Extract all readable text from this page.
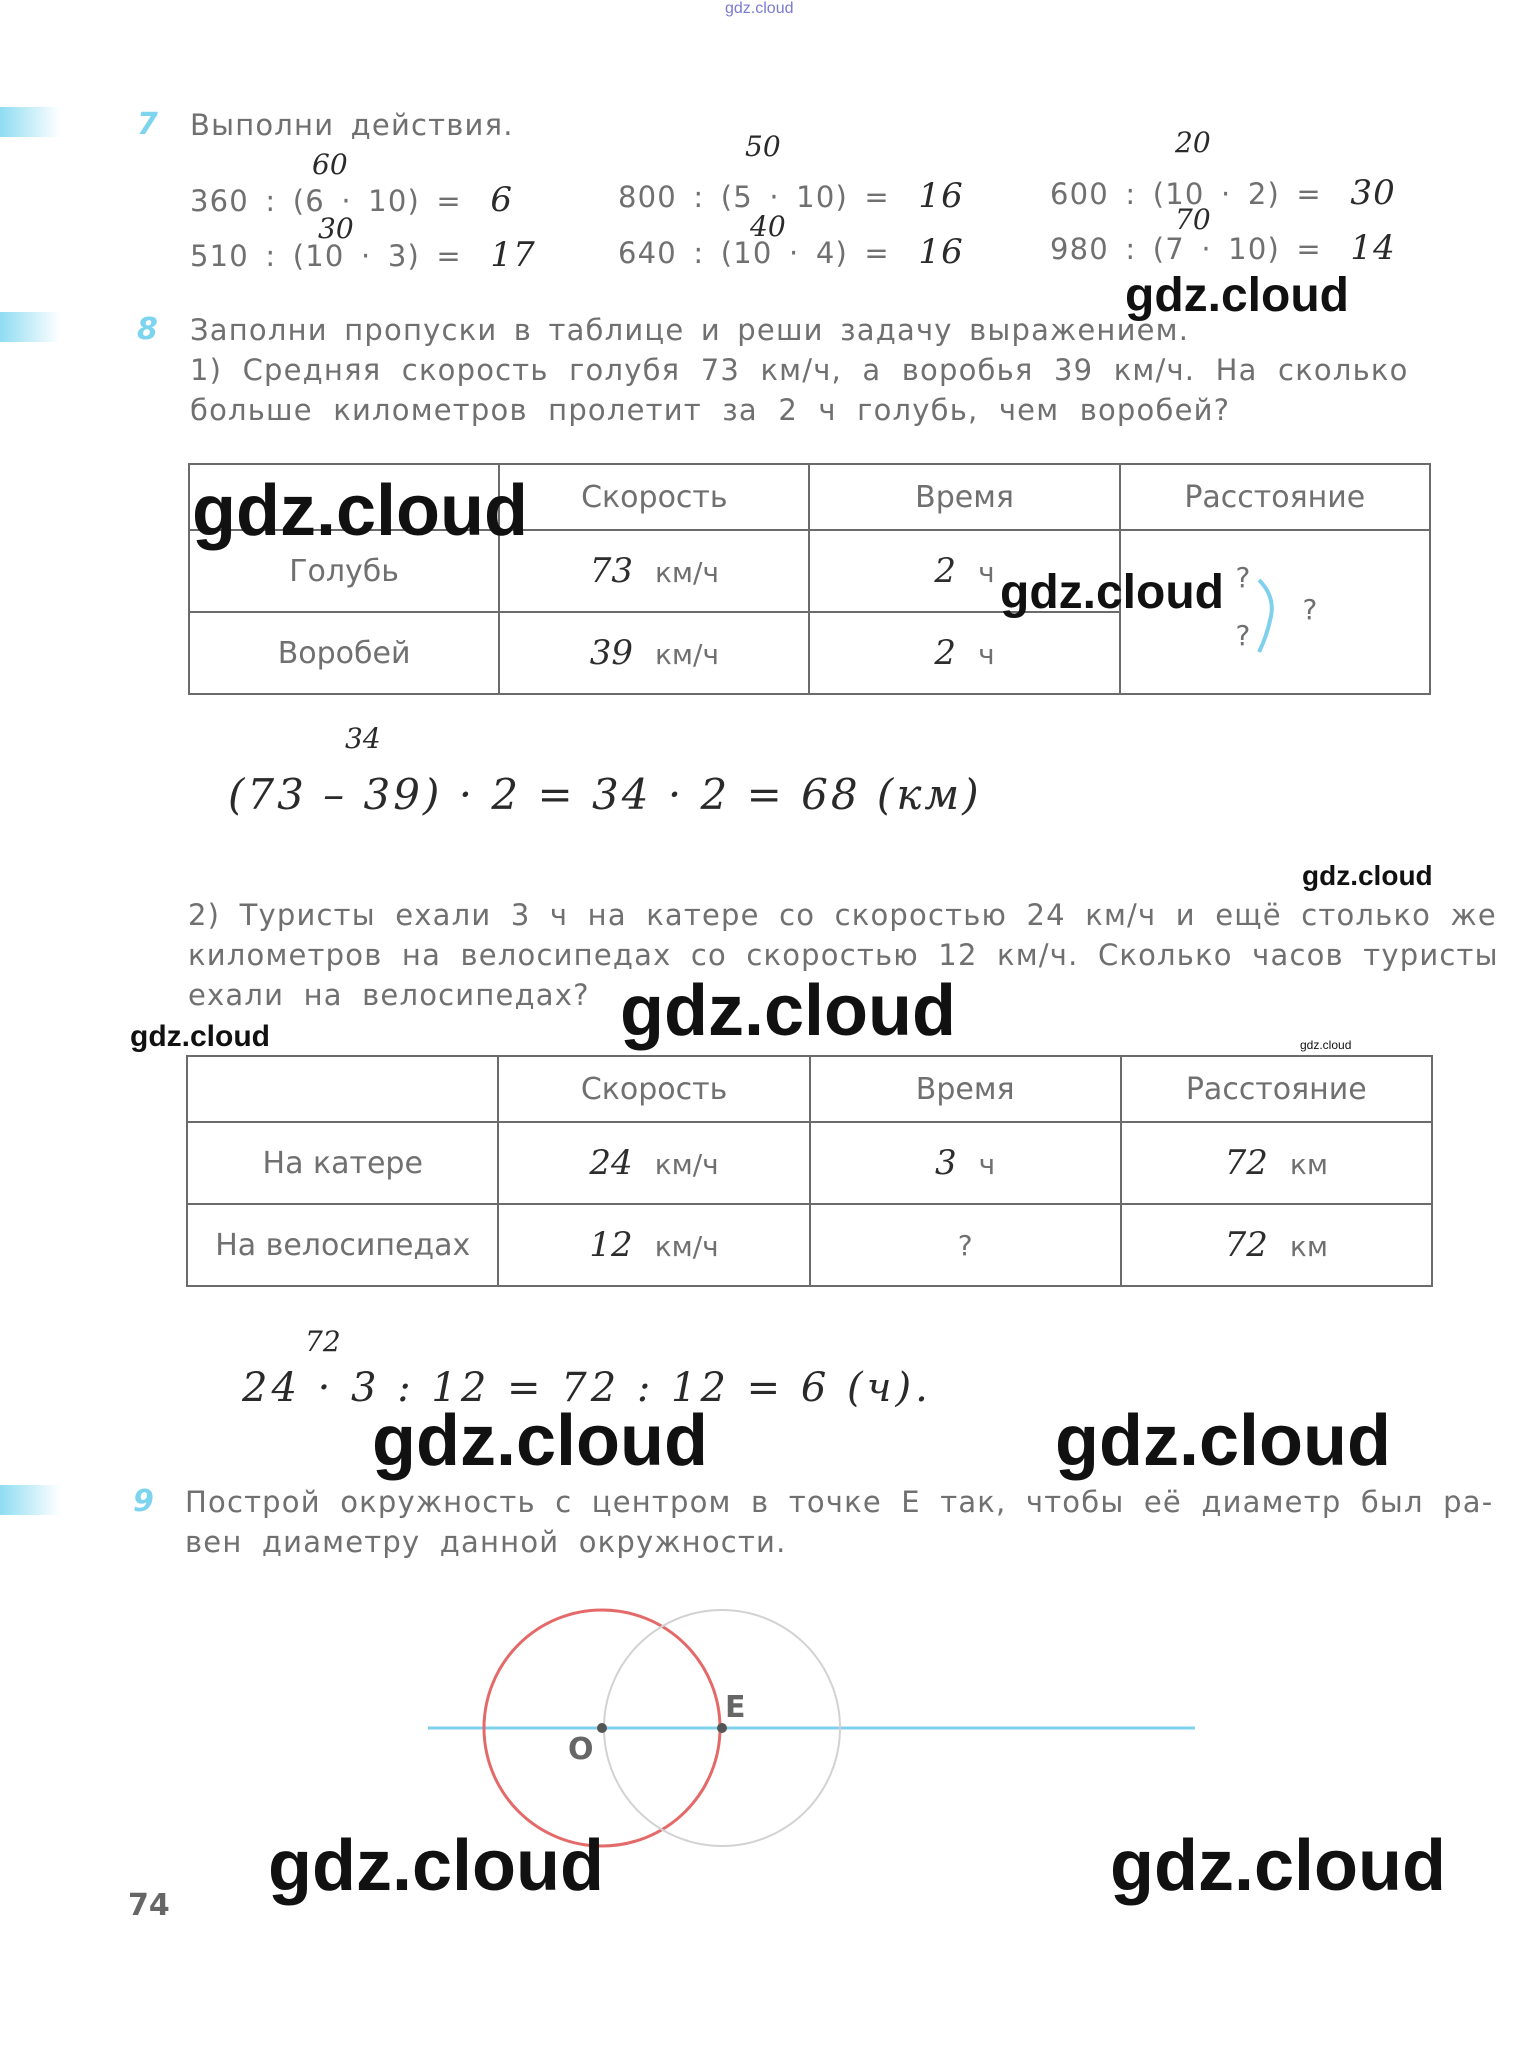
gdz.cloud
7 Выполни действия.
60
360 : (6 · 10) = 6
30
510 : (10 · 3) = 17
50
800 : (5 · 10) = 16
40
640 : (10 · 4) = 16
20
600 : (10 · 2) = 30
70
980 : (7 · 10) = 14
gdz.cloud
8 Заполни пропуски в таблице и реши задачу выражением.
1) Средняя скорость голубя 73 км/ч, а воробья 39 км/ч. На сколько
больше километров пролетит за 2 ч голубь, чем воробей?
	Скорость	Время	Расстояние
Голубь	73 км/ч	2 ч	?
?
?

Воробей	39 км/ч	2 ч	
gdz.cloud
gdz.cloud
34
(73 – 39) · 2 = 34 · 2 = 68 (км)
gdz.cloud
2) Туристы ехали 3 ч на катере со скоростью 24 км/ч и ещё столько же
километров на велосипедах со скоростью 12 км/ч. Сколько часов туристы
ехали на велосипедах? gdz.cloud
gdz.cloud	gdz.cloud
	Скорость	Время	Расстояние
На катере	24 км/ч	3 ч	72 км
На велосипедах	12 км/ч	?	72 км
72
24 · 3 : 12 = 72 : 12 = 6 (ч).
gdz.cloud	gdz.cloud
9 Построй окружность с центром в точке Е так, чтобы её диаметр был ра-
вен диаметру данной окружности.
О
Е
gdz.cloud	gdz.cloud
74
